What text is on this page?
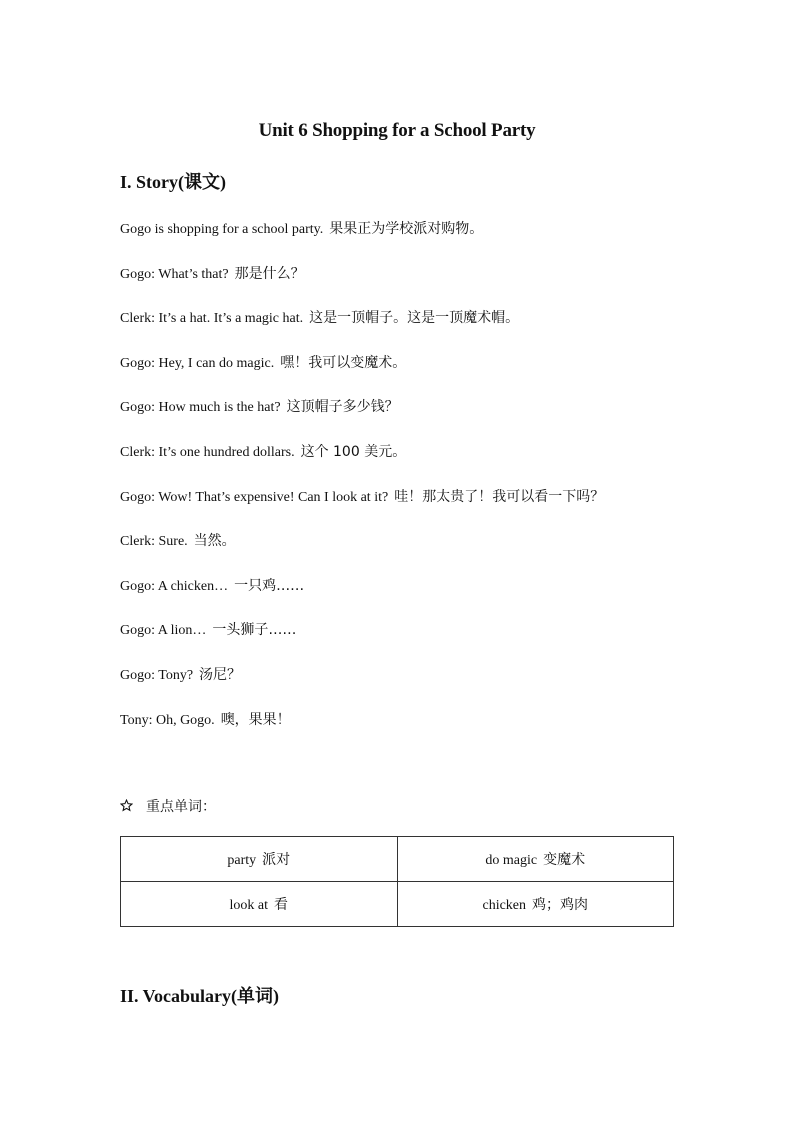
Unit 6 Shopping for a School Party
I. Story(课文)
Gogo is shopping for a school party. 果果正为学校派对购物。
Gogo: What’s that? 那是什么？
Clerk: It’s a hat. It’s a magic hat. 这是一顶帽子。这是一顶魔术帽。
Gogo: Hey, I can do magic. 嘿！我可以变魔术。
Gogo: How much is the hat? 这顶帽子多少钱？
Clerk: It’s one hundred dollars. 这个 100 美元。
Gogo: Wow! That’s expensive! Can I look at it? 哇！那太贵了！我可以看一下吗？
Clerk: Sure. 当然。
Gogo: A chicken… 一只鸡……
Gogo: A lion… 一头狮子……
Gogo: Tony? 汤尼？
Tony: Oh, Gogo. 噢，果果！
重点单词：
party 派对	do magic 变魔术
look at 看	chicken 鸡；鸡肉
II. Vocabulary(单词)
